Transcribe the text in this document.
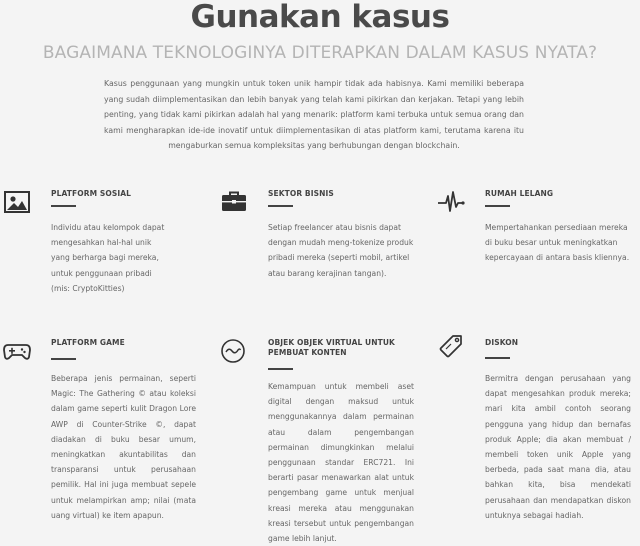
Gunakan kasus
BAGAIMANA TEKNOLOGINYA DITERAPKAN DALAM KASUS NYATA?
Kasus penggunaan yang mungkin untuk token unik hampir tidak ada habisnya. Kami memiliki beberapa yang sudah diimplementasikan dan lebih banyak yang telah kami pikirkan dan kerjakan. Tetapi yang lebih penting, yang tidak kami pikirkan adalah hal yang menarik: platform kami terbuka untuk semua orang dan kami mengharapkan ide-ide inovatif untuk diimplementasikan di atas platform kami, terutama karena itu mengaburkan semua kompleksitas yang berhubungan dengan blockchain.
PLATFORM SOSIAL
Individu atau kelompok dapat mengesahkan hal-hal unik yang berharga bagi mereka, untuk penggunaan pribadi (mis: CryptoKitties)
SEKTOR BISNIS
Setiap freelancer atau bisnis dapat dengan mudah meng-tokenize produk pribadi mereka (seperti mobil, artikel atau barang kerajinan tangan).
RUMAH LELANG
Mempertahankan persediaan mereka di buku besar untuk meningkatkan kepercayaan di antara basis kliennya.
PLATFORM GAME
Beberapa jenis permainan, seperti Magic: The Gathering © atau koleksi dalam game seperti kulit Dragon Lore AWP di Counter-Strike ©, dapat diadakan di buku besar umum, meningkatkan akuntabilitas dan transparansi untuk perusahaan pemilik. Hal ini juga membuat sepele untuk melampirkan amp; nilai (mata uang virtual) ke item apapun.
OBJEK OBJEK VIRTUAL UNTUK PEMBUAT KONTEN
Kemampuan untuk membeli aset digital dengan maksud untuk menggunakannya dalam permainan atau dalam pengembangan permainan dimungkinkan melalui penggunaan standar ERC721. Ini berarti pasar menawarkan alat untuk pengembang game untuk menjual kreasi mereka atau menggunakan kreasi tersebut untuk pengembangan game lebih lanjut.
DISKON
Bermitra dengan perusahaan yang dapat mengesahkan produk mereka; mari kita ambil contoh seorang pengguna yang hidup dan bernafas produk Apple; dia akan membuat / membeli token unik Apple yang berbeda, pada saat mana dia, atau bahkan kita, bisa mendekati perusahaan dan mendapatkan diskon untuknya sebagai hadiah.
